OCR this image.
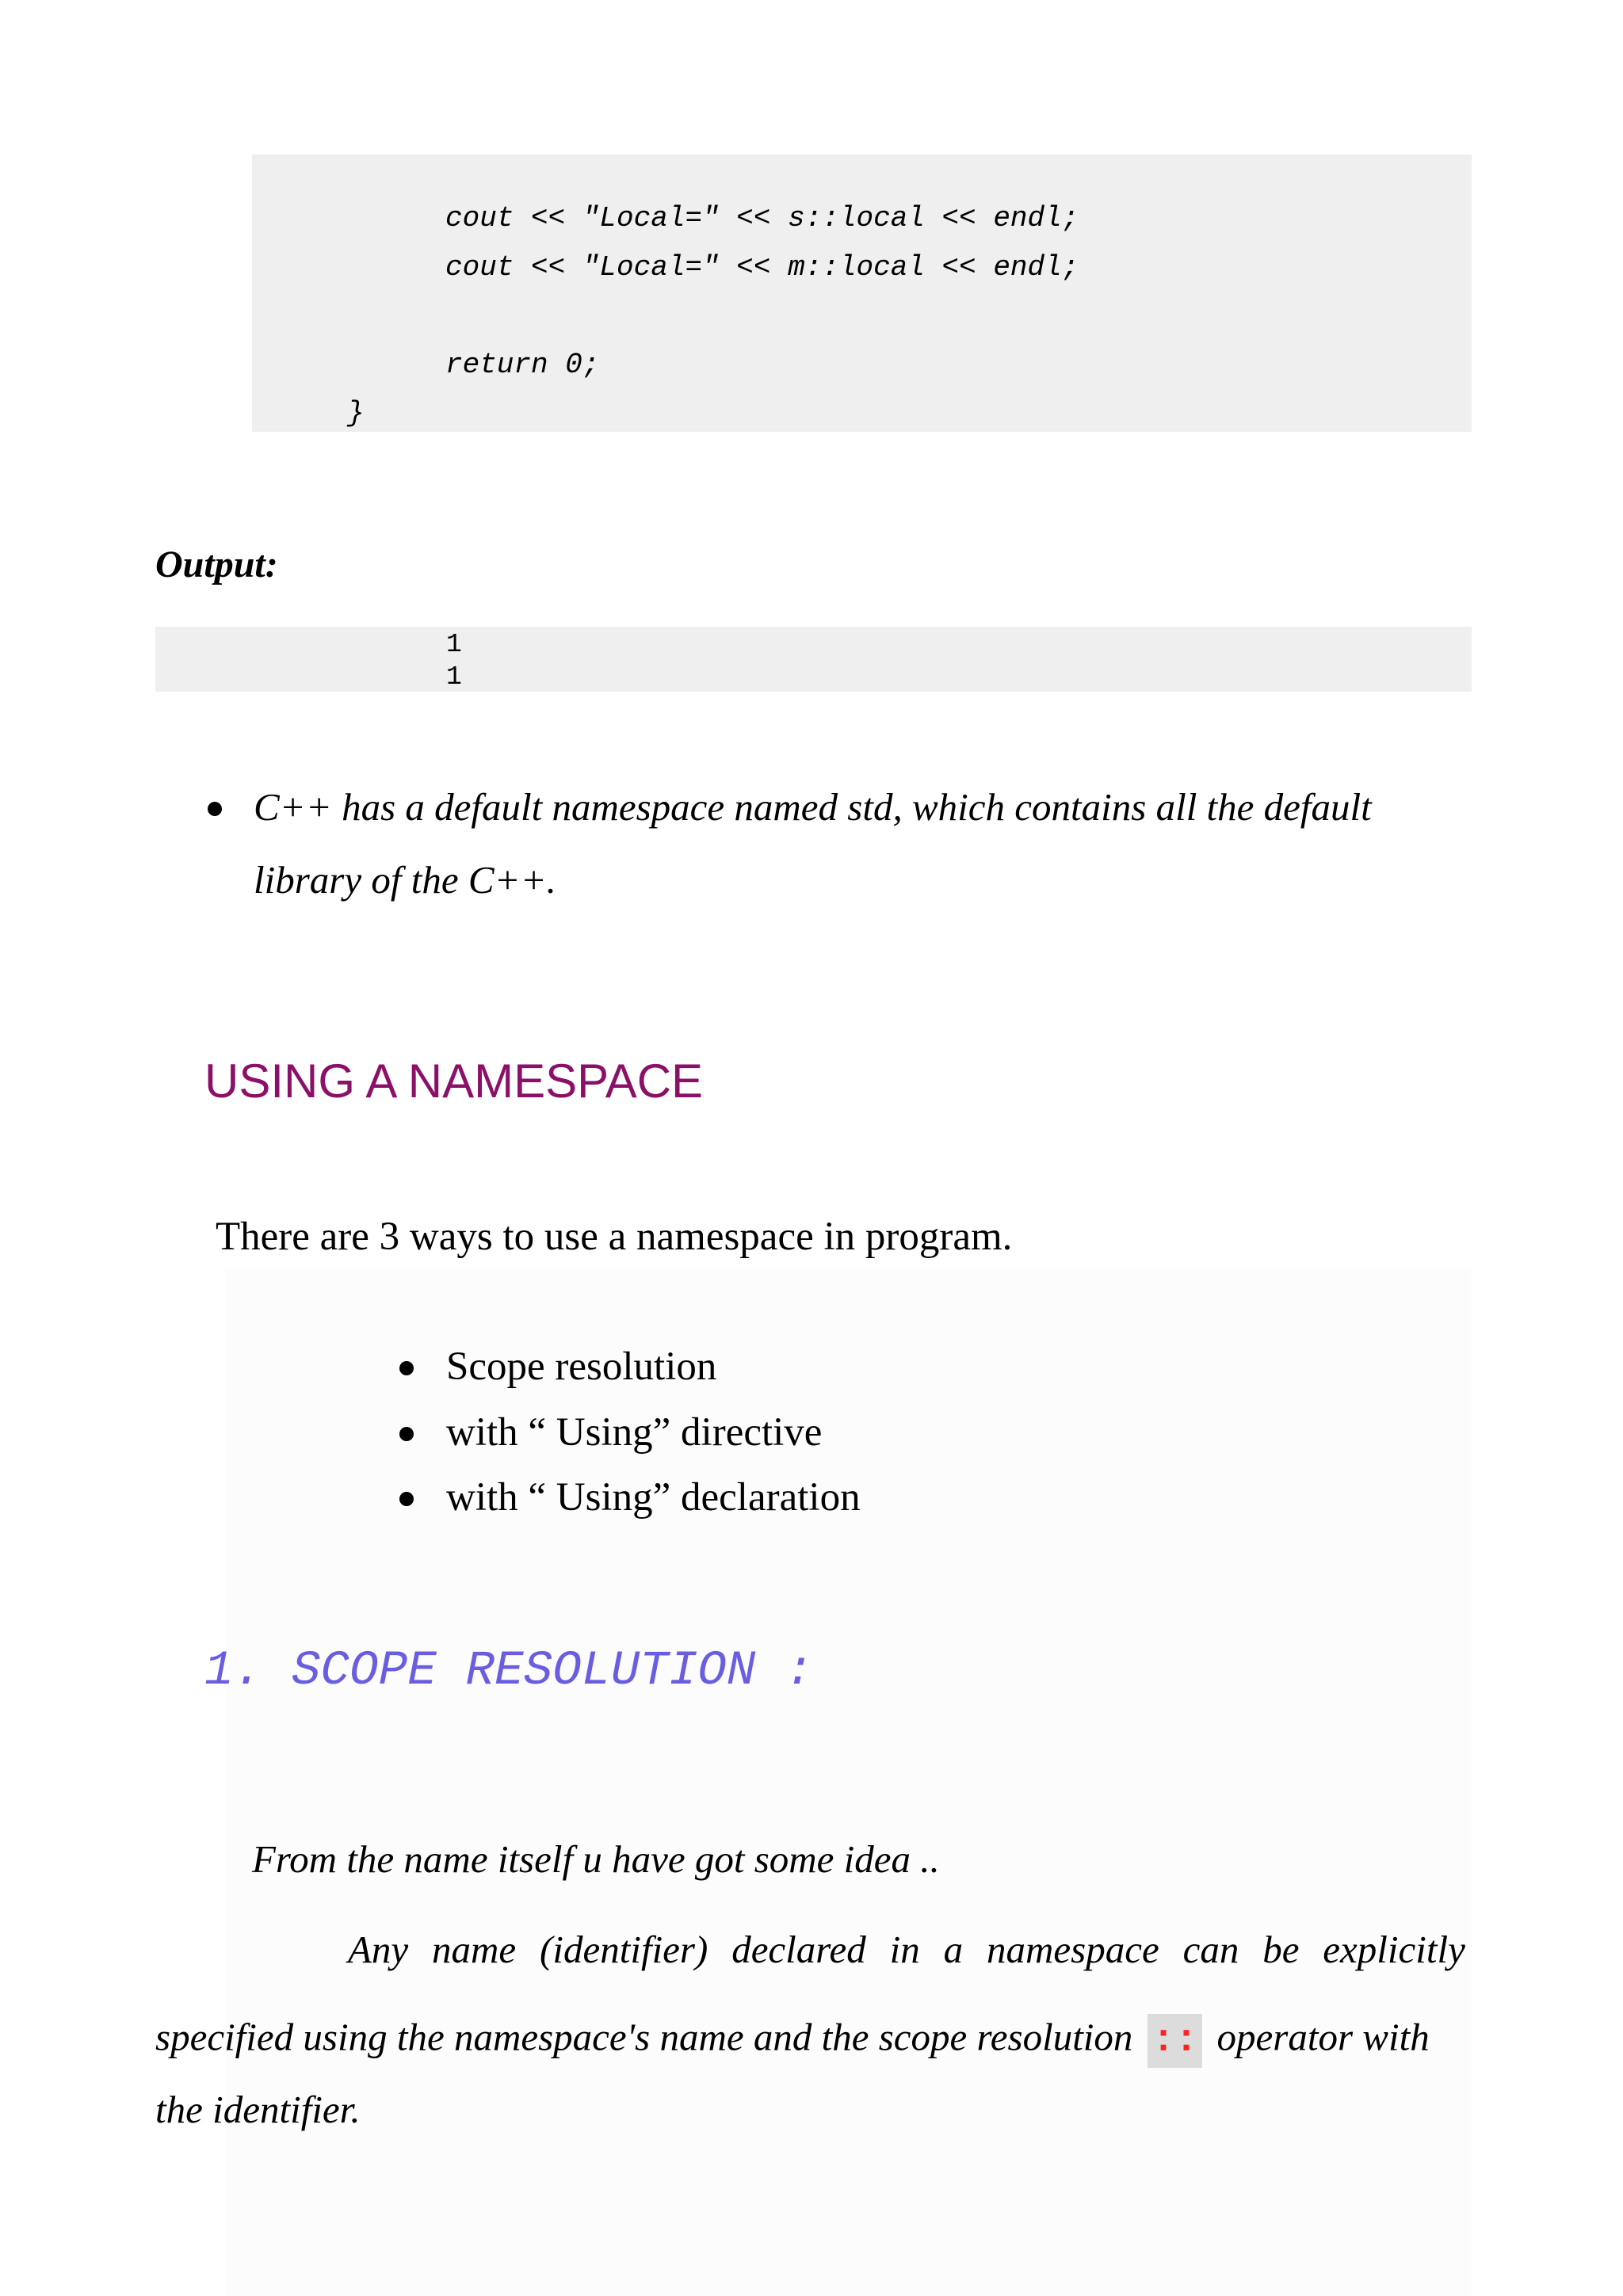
cout << "Local=" << s::local << endl;
cout << "Local=" << m::local << endl;
return 0;
}
Output:
1
1
C++ has a default namespace named std, which contains all the default
library of the C++.
USING A NAMESPACE
There are 3 ways to use a namespace in program.
Scope resolution
with “ Using” directive
with “ Using” declaration
1. SCOPE RESOLUTION :
From the name itself u have got some idea ..
Any name (identifier) declared in a namespace can be explicitly
specified using the namespace's name and the scope resolution :: operator with
the identifier.
